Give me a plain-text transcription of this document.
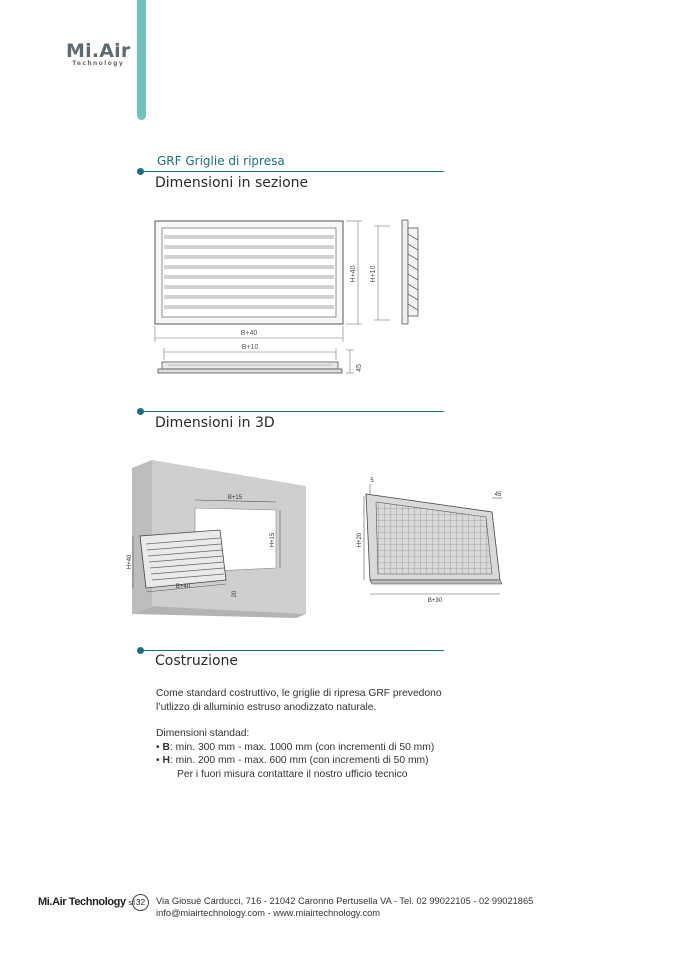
Mi.Air
Technology
GRF Griglie di ripresa
Dimensioni in sezione
B+40
H+40 H+10
B+10
45
Dimensioni in 3D
B+15
H+15
H+40
B+40
20
H+20
B+30
5
45
Costruzione
Come standard costruttivo, le griglie di ripresa GRF prevedono
l’utlizzo di alluminio estruso anodizzato naturale.
Dimensioni standad:
• B: min. 300 mm - max. 1000 mm (con incrementi di 50 mm)
• H: min. 200 mm - max. 600 mm (con incrementi di 50 mm)
Per i fuori misura contattare il nostro ufficio tecnico
Mi.Air Technology srl 32	Via Giosuè Carducci, 716 - 21042 Caronno Pertusella VA - Tel. 02 99022105 - 02 99021865
info@miairtechnology.com - www.miairtechnology.com
